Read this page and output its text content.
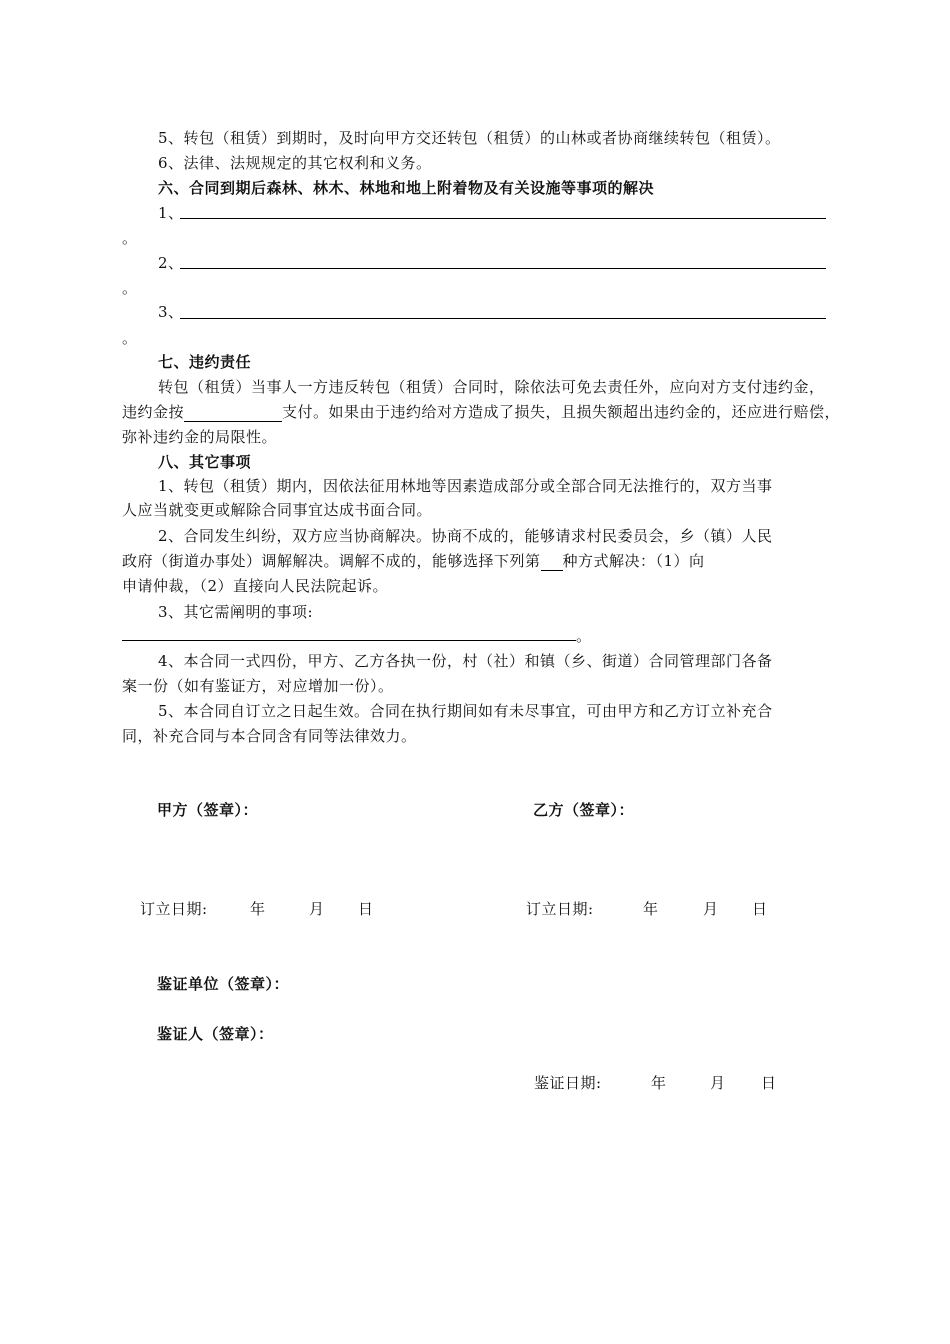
5、转包（租赁）到期时，及时向甲方交还转包（租赁）的山林或者协商继续转包（租赁）。
6、法律、法规规定的其它权利和义务。
六、合同到期后森林、林木、林地和地上附着物及有关设施等事项的解决
1、
。
2、
。
3、
。
七、违约责任
转包（租赁）当事人一方违反转包（租赁）合同时，除依法可免去责任外，应向对方支付违约金，
违约金按	支付。如果由于违约给对方造成了损失，且损失额超出违约金的，还应进行赔偿，
弥补违约金的局限性。
八、其它事项
1、转包（租赁）期内，因依法征用林地等因素造成部分或全部合同无法推行的，双方当事
人应当就变更或解除合同事宜达成书面合同。
2、合同发生纠纷，双方应当协商解决。协商不成的，能够请求村民委员会，乡（镇）人民
政府（街道办事处）调解解决。调解不成的，能够选择下列第 种方式解决：（1）向
申请仲裁，（2）直接向人民法院起诉。
3、其它需阐明的事项:
。
4、本合同一式四份，甲方、乙方各执一份，村（社）和镇（乡、街道）合同管理部门各备
案一份（如有鉴证方，对应增加一份）。
5、本合同自订立之日起生效。合同在执行期间如有未尽事宜，可由甲方和乙方订立补充合
同，补充合同与本合同含有同等法律效力。
甲方（签章）：	乙方（签章）：
订立日期:	年	月 日	订立日期:	年	月 日
鉴证单位（签章）：
鉴证人（签章）：
鉴证日期:	年	月 日
